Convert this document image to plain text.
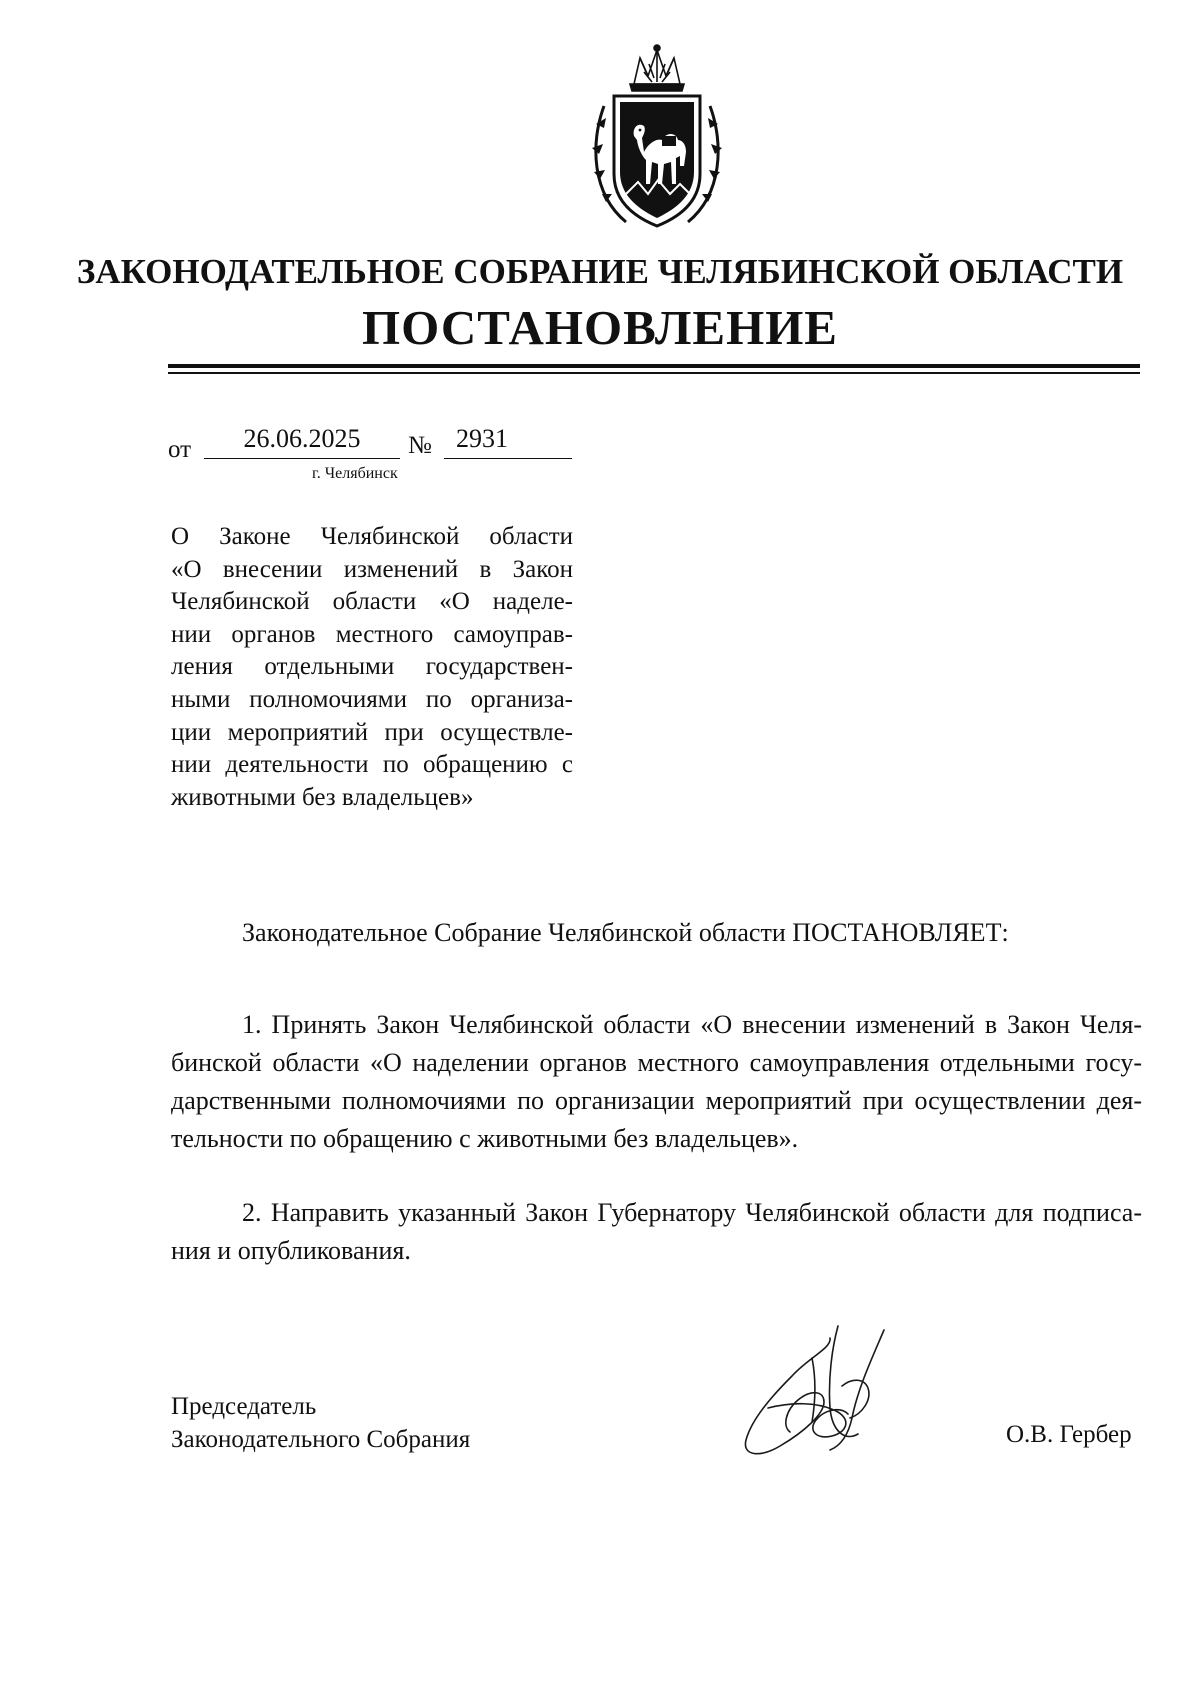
ЗАКОНОДАТЕЛЬНОЕ СОБРАНИЕ ЧЕЛЯБИНСКОЙ ОБЛАСТИ
ПОСТАНОВЛЕНИЕ
от	26.06.2025	№ 2931
г. Челябинск
О Законе Челябинской области
«О внесении изменений в Закон
Челябинской области «О наделе-
нии органов местного самоуправ-
ления отдельными государствен-
ными полномочиями по организа-
ции мероприятий при осуществле-
нии деятельности по обращению с
животными без владельцев»
Законодательное Собрание Челябинской области ПОСТАНОВЛЯЕТ:
1. Принять Закон Челябинской области «О внесении изменений в Закон Челя-
бинской области «О наделении органов местного самоуправления отдельными госу-
дарственными полномочиями по организации мероприятий при осуществлении дея-
тельности по обращению с животными без владельцев».
2. Направить указанный Закон Губернатору Челябинской области для подписа-
ния и опубликования.
Председатель
Законодательного Собрания	О.В. Гербер
